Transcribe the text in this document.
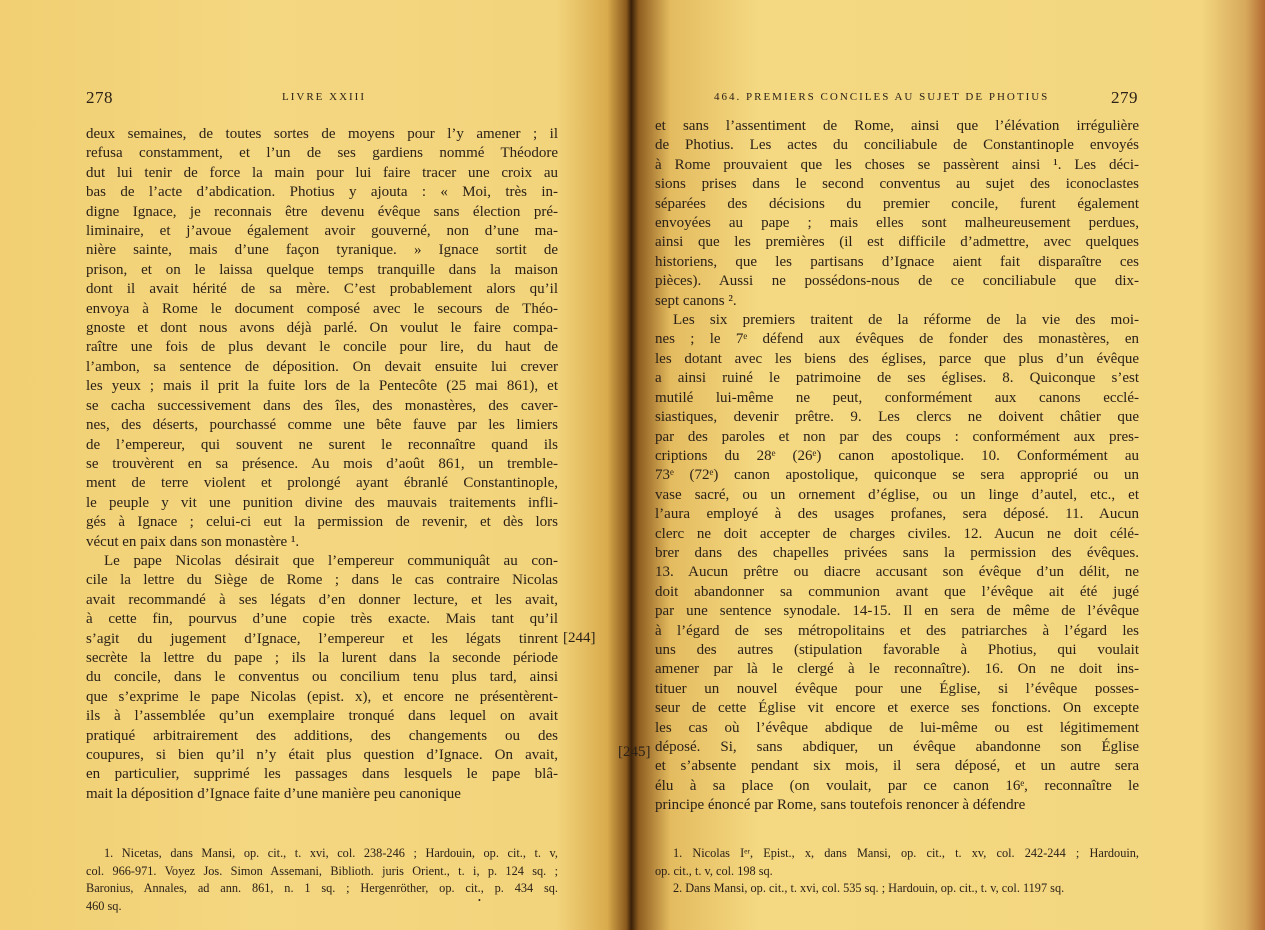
278	LIVRE XXIII

deux semaines, de toutes sortes de moyens pour l’y amener ; il

refusa constamment, et l’un de ses gardiens nommé Théodore

dut lui tenir de force la main pour lui faire tracer une croix au

bas de l’acte d’abdication. Photius y ajouta : « Moi, très in-

digne Ignace, je reconnais être devenu évêque sans élection pré-

liminaire, et j’avoue également avoir gouverné, non d’une ma-

nière sainte, mais d’une façon tyranique. » Ignace sortit de

prison, et on le laissa quelque temps tranquille dans la maison

dont il avait hérité de sa mère. C’est probablement alors qu’il

envoya à Rome le document composé avec le secours de Théo-

gnoste et dont nous avons déjà parlé. On voulut le faire compa-

raître une fois de plus devant le concile pour lire, du haut de

l’ambon, sa sentence de déposition. On devait ensuite lui crever

les yeux ; mais il prit la fuite lors de la Pentecôte (25 mai 861), et

se cacha successivement dans des îles, des monastères, des caver-

nes, des déserts, pourchassé comme une bête fauve par les limiers

de l’empereur, qui souvent ne surent le reconnaître quand ils

se trouvèrent en sa présence. Au mois d’août 861, un tremble-

ment de terre violent et prolongé ayant ébranlé Constantinople,

le peuple y vit une punition divine des mauvais traitements infli-

gés à Ignace ; celui-ci eut la permission de revenir, et dès lors

vécut en paix dans son monastère ¹.

Le pape Nicolas désirait que l’empereur communiquât au con-

cile la lettre du Siège de Rome ; dans le cas contraire Nicolas

avait recommandé à ses légats d’en donner lecture, et les avait,

à cette fin, pourvus d’une copie très exacte. Mais tant qu’il

s’agit du jugement d’Ignace, l’empereur et les légats tinrent

secrète la lettre du pape ; ils la lurent dans la seconde période

du concile, dans le conventus ou concilium tenu plus tard, ainsi

que s’exprime le pape Nicolas (epist. x), et encore ne présentèrent-

ils à l’assemblée qu’un exemplaire tronqué dans lequel on avait

pratiqué arbitrairement des additions, des changements ou des

coupures, si bien qu’il n’y était plus question d’Ignace. On avait,

en particulier, supprimé les passages dans lesquels le pape blâ-

mait la déposition d’Ignace faite d’une manière peu canonique

1. Nicetas, dans Mansi, op. cit., t. xvi, col. 238-246 ; Hardouin, op. cit., t. v,

col. 966-971. Voyez Jos. Simon Assemani, Biblioth. juris Orient., t. i, p. 124 sq. ;

Baronius, Annales, ad ann. 861, n. 1 sq. ; Hergenröther, op. cit., p. 434 sq.

460 sq.	•
[244]
464. PREMIERS CONCILES AU SUJET DE PHOTIUS	279

et sans l’assentiment de Rome, ainsi que l’élévation irrégulière

de Photius. Les actes du conciliabule de Constantinople envoyés

à Rome prouvaient que les choses se passèrent ainsi ¹. Les déci-

sions prises dans le second conventus au sujet des iconoclastes

séparées des décisions du premier concile, furent également

envoyées au pape ; mais elles sont malheureusement perdues,

ainsi que les premières (il est difficile d’admettre, avec quelques

historiens, que les partisans d’Ignace aient fait disparaître ces

pièces). Aussi ne possédons-nous de ce conciliabule que dix-

sept canons ².

Les six premiers traitent de la réforme de la vie des moi-

nes ; le 7ᵉ défend aux évêques de fonder des monastères, en

les dotant avec les biens des églises, parce que plus d’un évêque

a ainsi ruiné le patrimoine de ses églises. 8. Quiconque s’est

mutilé lui-même ne peut, conformément aux canons ecclé-

siastiques, devenir prêtre. 9. Les clercs ne doivent châtier que

par des paroles et non par des coups : conformément aux pres-

criptions du 28ᵉ (26ᵉ) canon apostolique. 10. Conformément au

73ᵉ (72ᵉ) canon apostolique, quiconque se sera approprié ou un

vase sacré, ou un ornement d’église, ou un linge d’autel, etc., et

l’aura employé à des usages profanes, sera déposé. 11. Aucun

clerc ne doit accepter de charges civiles. 12. Aucun ne doit célé-

brer dans des chapelles privées sans la permission des évêques.

13. Aucun prêtre ou diacre accusant son évêque d’un délit, ne

doit abandonner sa communion avant que l’évêque ait été jugé

par une sentence synodale. 14-15. Il en sera de même de l’évêque

à l’égard de ses métropolitains et des patriarches à l’égard les

uns des autres (stipulation favorable à Photius, qui voulait

amener par là le clergé à le reconnaître). 16. On ne doit ins-

tituer un nouvel évêque pour une Église, si l’évêque posses-

seur de cette Église vit encore et exerce ses fonctions. On excepte

les cas où l’évêque abdique de lui-même ou est légitimement

déposé. Si, sans abdiquer, un évêque abandonne son Église

et s’absente pendant six mois, il sera déposé, et un autre sera

élu à sa place (on voulait, par ce canon 16ᵉ, reconnaître le

principe énoncé par Rome, sans toutefois renoncer à défendre

1. Nicolas Iᵉʳ, Epist., x, dans Mansi, op. cit., t. xv, col. 242-244 ; Hardouin,

op. cit., t. v, col. 198 sq.

2. Dans Mansi, op. cit., t. xvi, col. 535 sq. ; Hardouin, op. cit., t. v, col. 1197 sq.

[245]
